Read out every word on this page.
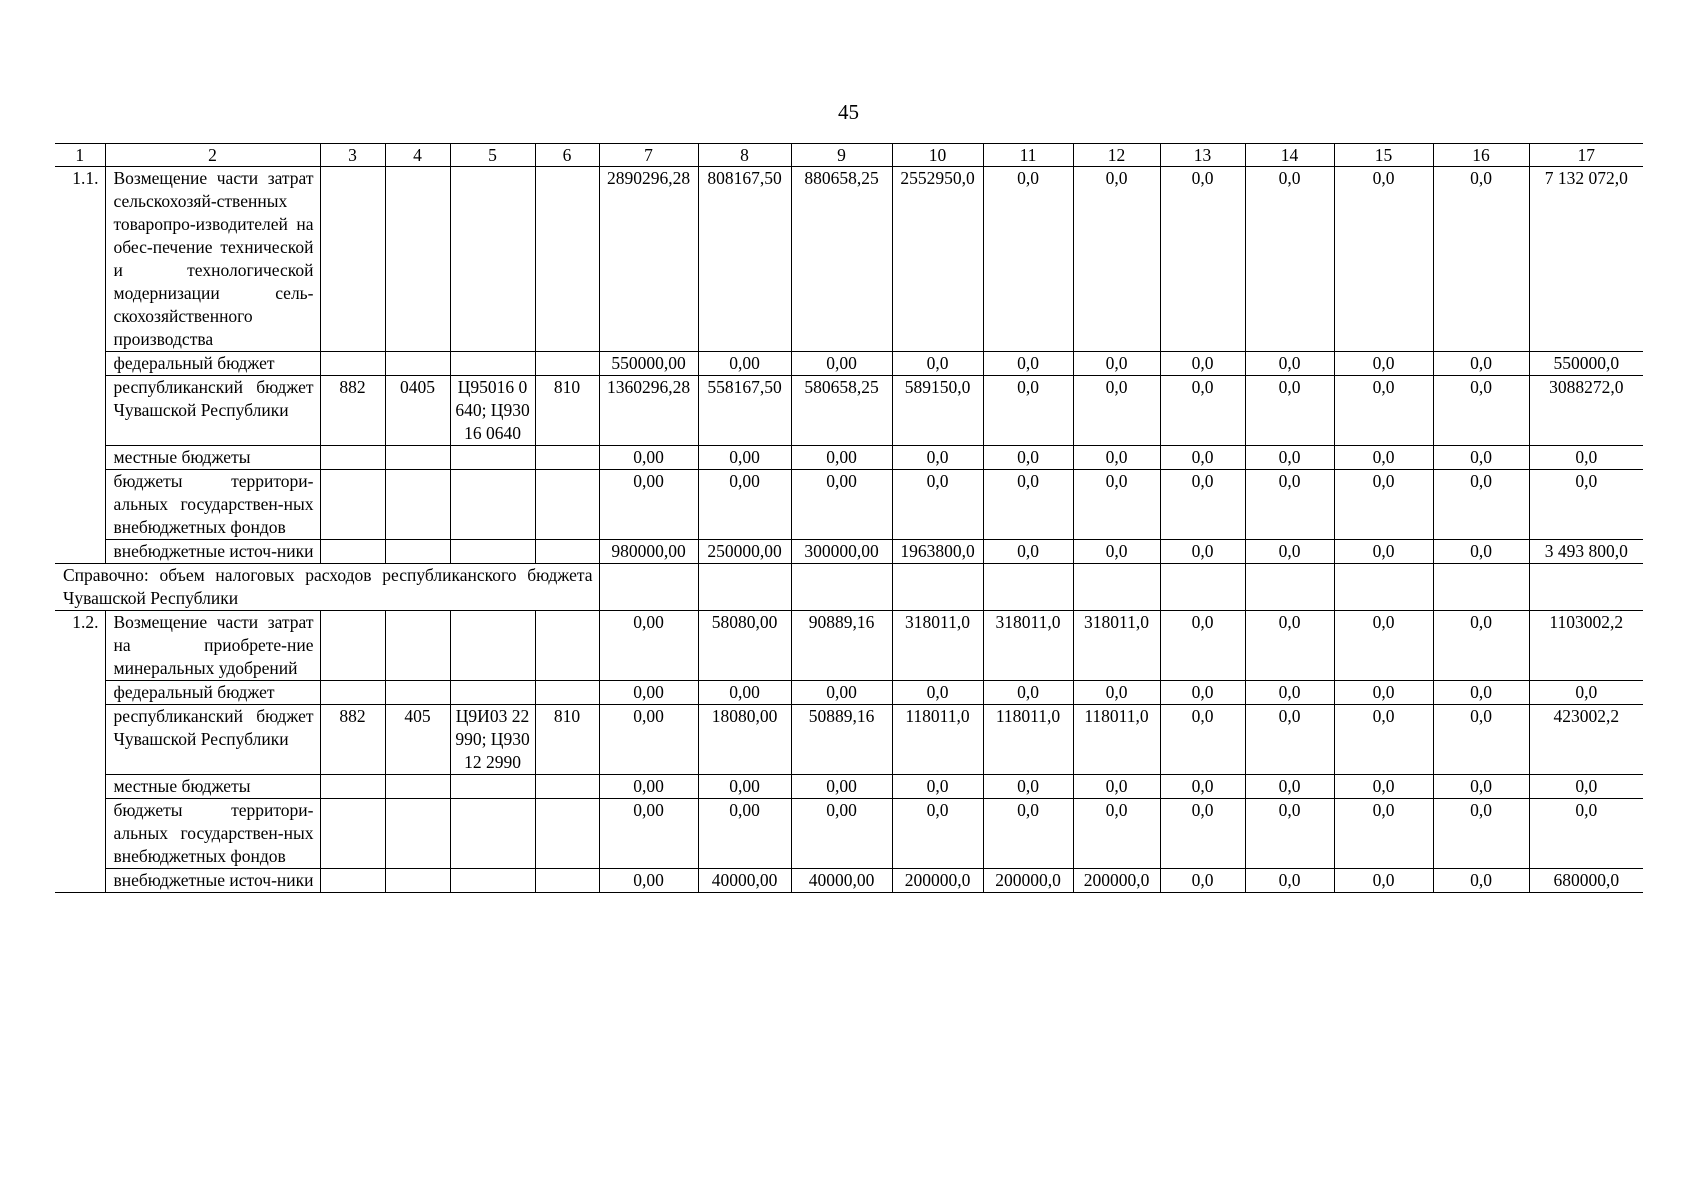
45
1	2	3	4	5	6	7	8	9	10	11	12	13	14	15	16	17
1.1.	Возмещение части затрат сельскохозяй-ственных товаропро-изводителей на обес-печение технической и технологической модернизации сель-скохозяйственного производства					2890296,28	808167,50	880658,25	2552950,0	0,0	0,0	0,0	0,0	0,0	0,0	7 132 072,0
	федеральный бюджет					550000,00	0,00	0,00	0,0	0,0	0,0	0,0	0,0	0,0	0,0	550000,0
	республиканский бюджет Чувашской Республики	882	0405	Ц95016 0640; Ц93016 0640	810	1360296,28	558167,50	580658,25	589150,0	0,0	0,0	0,0	0,0	0,0	0,0	3088272,0
	местные бюджеты					0,00	0,00	0,00	0,0	0,0	0,0	0,0	0,0	0,0	0,0	0,0
	бюджеты территори-альных государствен-ных внебюджетных фондов					0,00	0,00	0,00	0,0	0,0	0,0	0,0	0,0	0,0	0,0	0,0
	внебюджетные источ-ники					980000,00	250000,00	300000,00	1963800,0	0,0	0,0	0,0	0,0	0,0	0,0	3 493 800,0
Справочно: объем налоговых расходов республиканского бюджета Чувашской Республики																
1.2.	Возмещение части затрат на приобрете-ние минеральных удобрений					0,00	58080,00	90889,16	318011,0	318011,0	318011,0	0,0	0,0	0,0	0,0	1103002,2
	федеральный бюджет					0,00	0,00	0,00	0,0	0,0	0,0	0,0	0,0	0,0	0,0	0,0
	республиканский бюджет Чувашской Республики	882	405	Ц9И03 22990; Ц93012 2990	810	0,00	18080,00	50889,16	118011,0	118011,0	118011,0	0,0	0,0	0,0	0,0	423002,2
	местные бюджеты					0,00	0,00	0,00	0,0	0,0	0,0	0,0	0,0	0,0	0,0	0,0
	бюджеты территори-альных государствен-ных внебюджетных фондов					0,00	0,00	0,00	0,0	0,0	0,0	0,0	0,0	0,0	0,0	0,0
	внебюджетные источ-ники					0,00	40000,00	40000,00	200000,0	200000,0	200000,0	0,0	0,0	0,0	0,0	680000,0
